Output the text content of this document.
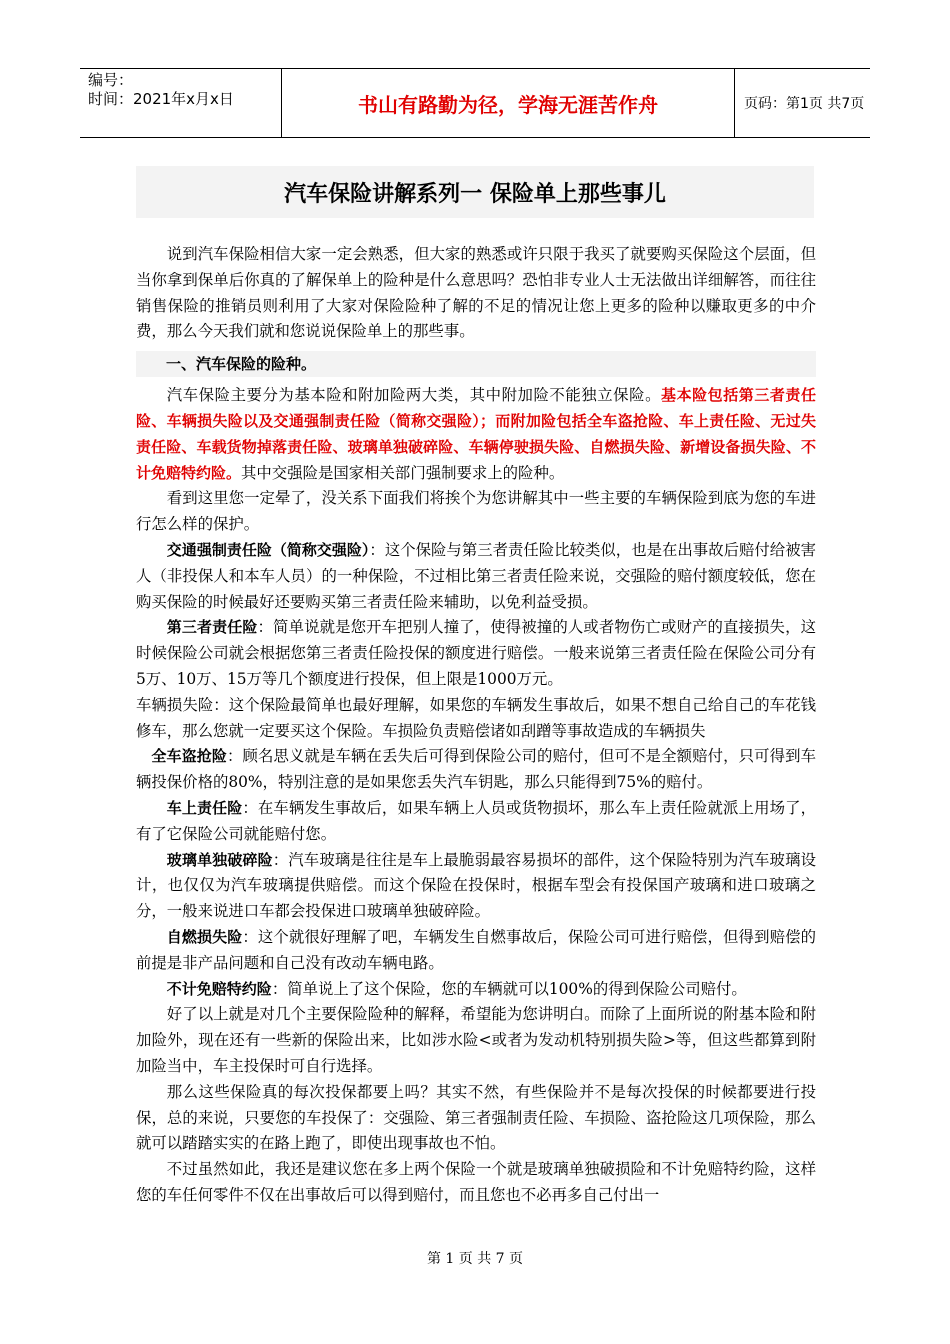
编号：
时间：2021年x月x日	书山有路勤为径，学海无涯苦作舟	页码：第1页 共7页
汽车保险讲解系列一 保险单上那些事儿

说到汽车保险相信大家一定会熟悉，但大家的熟悉或许只限于我买了就要购买保险这个层面，但当你拿到保单后你真的了解保单上的险种是什么意思吗？恐怕非专业人士无法做出详细解答，而往往销售保险的推销员则利用了大家对保险险种了解的不足的情况让您上更多的险种以赚取更多的中介费，那么今天我们就和您说说保险单上的那些事。

一、汽车保险的险种。

汽车保险主要分为基本险和附加险两大类，其中附加险不能独立保险。基本险包括第三者责任险、车辆损失险以及交通强制责任险（简称交强险）；而附加险包括全车盗抢险、车上责任险、无过失责任险、车载货物掉落责任险、玻璃单独破碎险、车辆停驶损失险、自燃损失险、新增设备损失险、不计免赔特约险。其中交强险是国家相关部门强制要求上的险种。

看到这里您一定晕了，没关系下面我们将挨个为您讲解其中一些主要的车辆保险到底为您的车进行怎么样的保护。

交通强制责任险（简称交强险）：这个保险与第三者责任险比较类似，也是在出事故后赔付给被害人（非投保人和本车人员）的一种保险，不过相比第三者责任险来说，交强险的赔付额度较低，您在购买保险的时候最好还要购买第三者责任险来辅助，以免利益受损。

第三者责任险：简单说就是您开车把别人撞了，使得被撞的人或者物伤亡或财产的直接损失，这时候保险公司就会根据您第三者责任险投保的额度进行赔偿。一般来说第三者责任险在保险公司分有5万、10万、15万等几个额度进行投保，但上限是1000万元。

车辆损失险：这个保险最简单也最好理解，如果您的车辆发生事故后，如果不想自己给自己的车花钱修车，那么您就一定要买这个保险。车损险负责赔偿诸如刮蹭等事故造成的车辆损失

全车盗抢险：顾名思义就是车辆在丢失后可得到保险公司的赔付，但可不是全额赔付，只可得到车辆投保价格的80%，特别注意的是如果您丢失汽车钥匙，那么只能得到75%的赔付。

车上责任险：在车辆发生事故后，如果车辆上人员或货物损坏，那么车上责任险就派上用场了，有了它保险公司就能赔付您。

玻璃单独破碎险：汽车玻璃是往往是车上最脆弱最容易损坏的部件，这个保险特别为汽车玻璃设计，也仅仅为汽车玻璃提供赔偿。而这个保险在投保时，根据车型会有投保国产玻璃和进口玻璃之分，一般来说进口车都会投保进口玻璃单独破碎险。

自燃损失险：这个就很好理解了吧，车辆发生自燃事故后，保险公司可进行赔偿，但得到赔偿的前提是非产品问题和自己没有改动车辆电路。

不计免赔特约险：简单说上了这个保险，您的车辆就可以100%的得到保险公司赔付。

好了以上就是对几个主要保险险种的解释，希望能为您讲明白。而除了上面所说的附基本险和附加险外，现在还有一些新的保险出来，比如涉水险<或者为发动机特别损失险>等，但这些都算到附加险当中，车主投保时可自行选择。

那么这些保险真的每次投保都要上吗？其实不然，有些保险并不是每次投保的时候都要进行投保，总的来说，只要您的车投保了：交强险、第三者强制责任险、车损险、盗抢险这几项保险，那么就可以踏踏实实的在路上跑了，即使出现事故也不怕。

不过虽然如此，我还是建议您在多上两个保险一个就是玻璃单独破损险和不计免赔特约险，这样您的车任何零件不仅在出事故后可以得到赔付，而且您也不必再多自己付出一

第 1 页 共 7 页
